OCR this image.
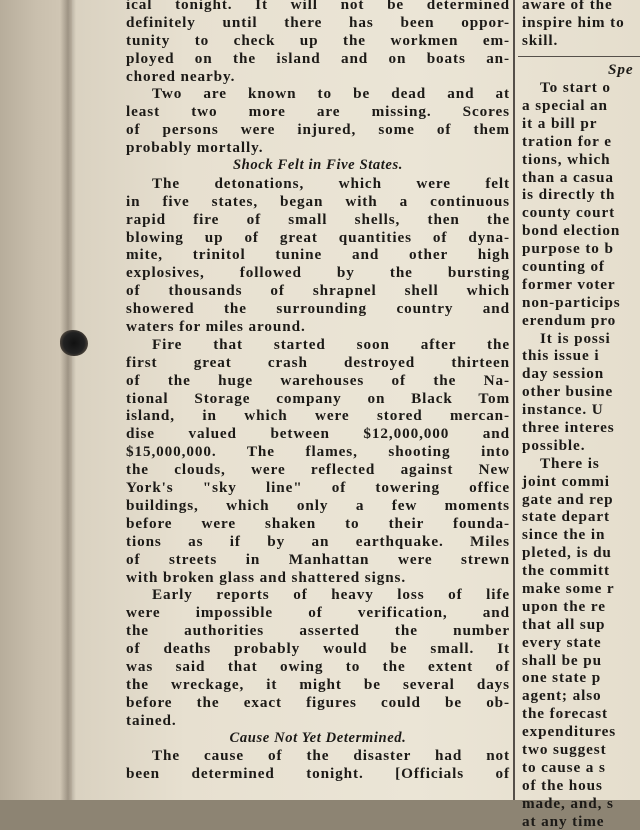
ical tonight. It will not be determined
definitely until there has been oppor-
tunity to check up the workmen em-
ployed on the island and on boats an-
chored nearby.
Two are known to be dead and at
least two more are missing. Scores
of persons were injured, some of them
probably mortally.
Shock Felt in Five States.
The detonations, which were felt
in five states, began with a continuous
rapid fire of small shells, then the
blowing up of great quantities of dyna-
mite, trinitol tunine and other high
explosives, followed by the bursting
of thousands of shrapnel shell which
showered the surrounding country and
waters for miles around.
Fire that started soon after the
first great crash destroyed thirteen
of the huge warehouses of the Na-
tional Storage company on Black Tom
island, in which were stored mercan-
dise valued between $12,000,000 and
$15,000,000. The flames, shooting into
the clouds, were reflected against New
York's "sky line" of towering office
buildings, which only a few moments
before were shaken to their founda-
tions as if by an earthquake. Miles
of streets in Manhattan were strewn
with broken glass and shattered signs.
Early reports of heavy loss of life
were impossible of verification, and
the authorities asserted the number
of deaths probably would be small. It
was said that owing to the extent of
the wreckage, it might be several days
before the exact figures could be ob-
tained.
Cause Not Yet Determined.
The cause of the disaster had not
been determined tonight. [Officials of
aware of the
inspire him to
skill.
Spe
To start o
a special an
it a bill pr
tration for e
tions, which
than a casua
is directly th
county court
bond election
purpose to b
counting of
former voter
non-particips
erendum pro
It is possi
this issue i
day session
other busine
instance. U
three interes
possible.
There is
joint commi
gate and rep
state depart
since the in
pleted, is du
the committ
make some r
upon the re
that all sup
every state
shall be pu
one state p
agent; also
the forecast
expenditures
two suggest
to cause a s
of the hous
made, and, s
at any time
